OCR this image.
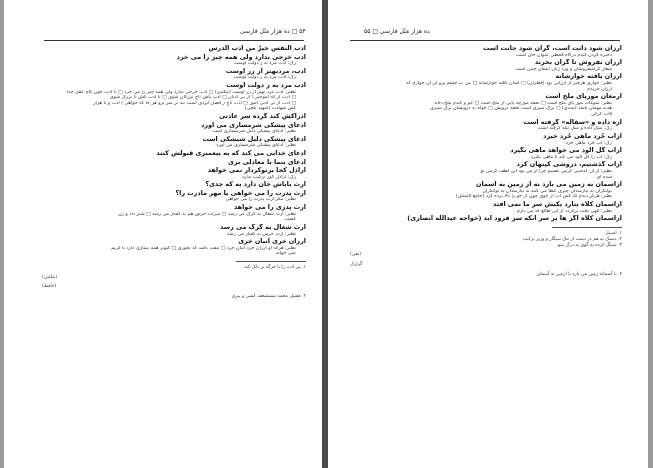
۵۴ □ ده هزار مَثَل فارسی

ادب النفس خیرٌ من ادب الدرس

ادب خرجی ندارد ولی همه چیز را می خرد

رک: ادب مرد به ز دولت اوست

ادب، مردبهتر از زر اوست

رک: ادب مرد به ز دولت اوست

ادب مرد به ز دولت اوست

نظیر: ادب مرد بهتر از زر اوست (مکتبی) □ ادب خرجی ندارد ولی همه چیز را می خرد □ با ادب خون کام عقل خدا

□ ادب از که آموختی؟ از بی ادبان □ ادب پاش تاج بزرگان شوی □ با ادب باش تا بزرگ شوی

□ ادب از بی ادبی آموز □ ادب تاج ز فضل ایزدی است بنه بر سر برو هر جا که خواهی / ادب و با هزار

کس شهادت (شهید بلخی)

ادراکش کند گرده سر عادتی

ادعای پیشکی شرمساری می آورد

نظیر: ادعای پیشکی دلیل شرمساری است

ادعای پیشکی دلیل شیشکی است

نظیر: ادعای پیشکی شرمساری می آورد

ادعای خدایی می کند که به پیغمبری قبولش کنند

ادعای بنما با معاذلی بری

اراذل کجا برتوکردار نمی خواهد

رک: اراذل کور ترکیب ندارد

ارث باباش خان دارد به که جدی؟

ارث پدرت را می خواهی یا مهر مادرت را؟

نظیر: مگر ارث پدرت را می خواهی

ارث پدری را می خواهد

نظیر: ارث شغال به گرگ می رسد □ میراث خرس هم به کفتار می رسد □ شتر داد و زن

کشت

ارث شغال به گرگ می رسد

نظیر: ارث خرس به کفتار می رسد

ارزان خری انبان خری

نظیر: هرکه او ارزان خرد انبان خرد □ مفت باشد که بخوری □ کیوتر همه بیماری دارد با کریم

نمی خواند

۱. بی ادب را با جرگه بر دلک کند

(مکتبی)

(حافظ)

۲. فشیل محمد مستضعف کسی و بیری

ده هزار مَثَل فارسی □ ۵۵

ارزان شود دانت است، گران شود جانت است

ذخیره کردن گندم درگاه قحطی عنوان جان است

ارزان نفروش تا گران بخرند

شعار گرامیفروشان و ورد زبان ایشان چنین است

ارزان یافته خوارشانه

نظیر: خواری هرچیز از ارزانی بود (قطران) □ آسان یافته خوارشانه □ من ب چشم پرو آن آن خوارم که

ارزان خریدم

ارمغان موریای ملخ است

نظیر: سوغات مور پای ملخ است □ تحفه مورچه پایی از ملخ است □ جو و گندم ملخ داده

هدیه مهمان باشد (مددی) □ برگ سبزی است تحفه درویش □ خواه به درویشان برگ سبزی

قاب گرگی

ازه داده و «سفاله» گرفته است

رک: سگ داده و سگ تیله گرفته است

ازآب خُرد ماهی خُرد خیزد

رک: آب خُرد ماهی خُرد

ازآب گل آلود می خواهد ماهی بگیرد

رک: آب را گل آلود می کند تا ماهی بگیرد

ازآب گذشتیم، دروشی کپنهان کرد

نظیر: از آن گذشتی گرمی نصیبم چرا از من بود این لطف گرمی تو

شده ای

ازآسمان به زمین می بارد نه از زمین به آسمان

توانگران به نیازمندان چیزی عطا می کنند نه نیازمندان به توانگران

نظیر: هرگز دیدم که کس آب از جوی چون از جو را بالا برده گرد (جامع التمثیل)

ازآسمان کلاه ببارد یکیش سر ما نمی افتد

نظیر: الهی بخت برگردد از این طالع که من دارم

ازآسمان کلاه اگر ها بر سر آنکه سر فرود آید (خواجه عبدالله انصاری)

۱. اشبیل

۲. دستک به هم در دست از ننک سیگار و وزیر ترکیب

۳. سینگ کرده به گوی به درگ سو

(نفی)

گزارک

۴. با آسمانه زمین می بارد یا ازمین به آسمان
